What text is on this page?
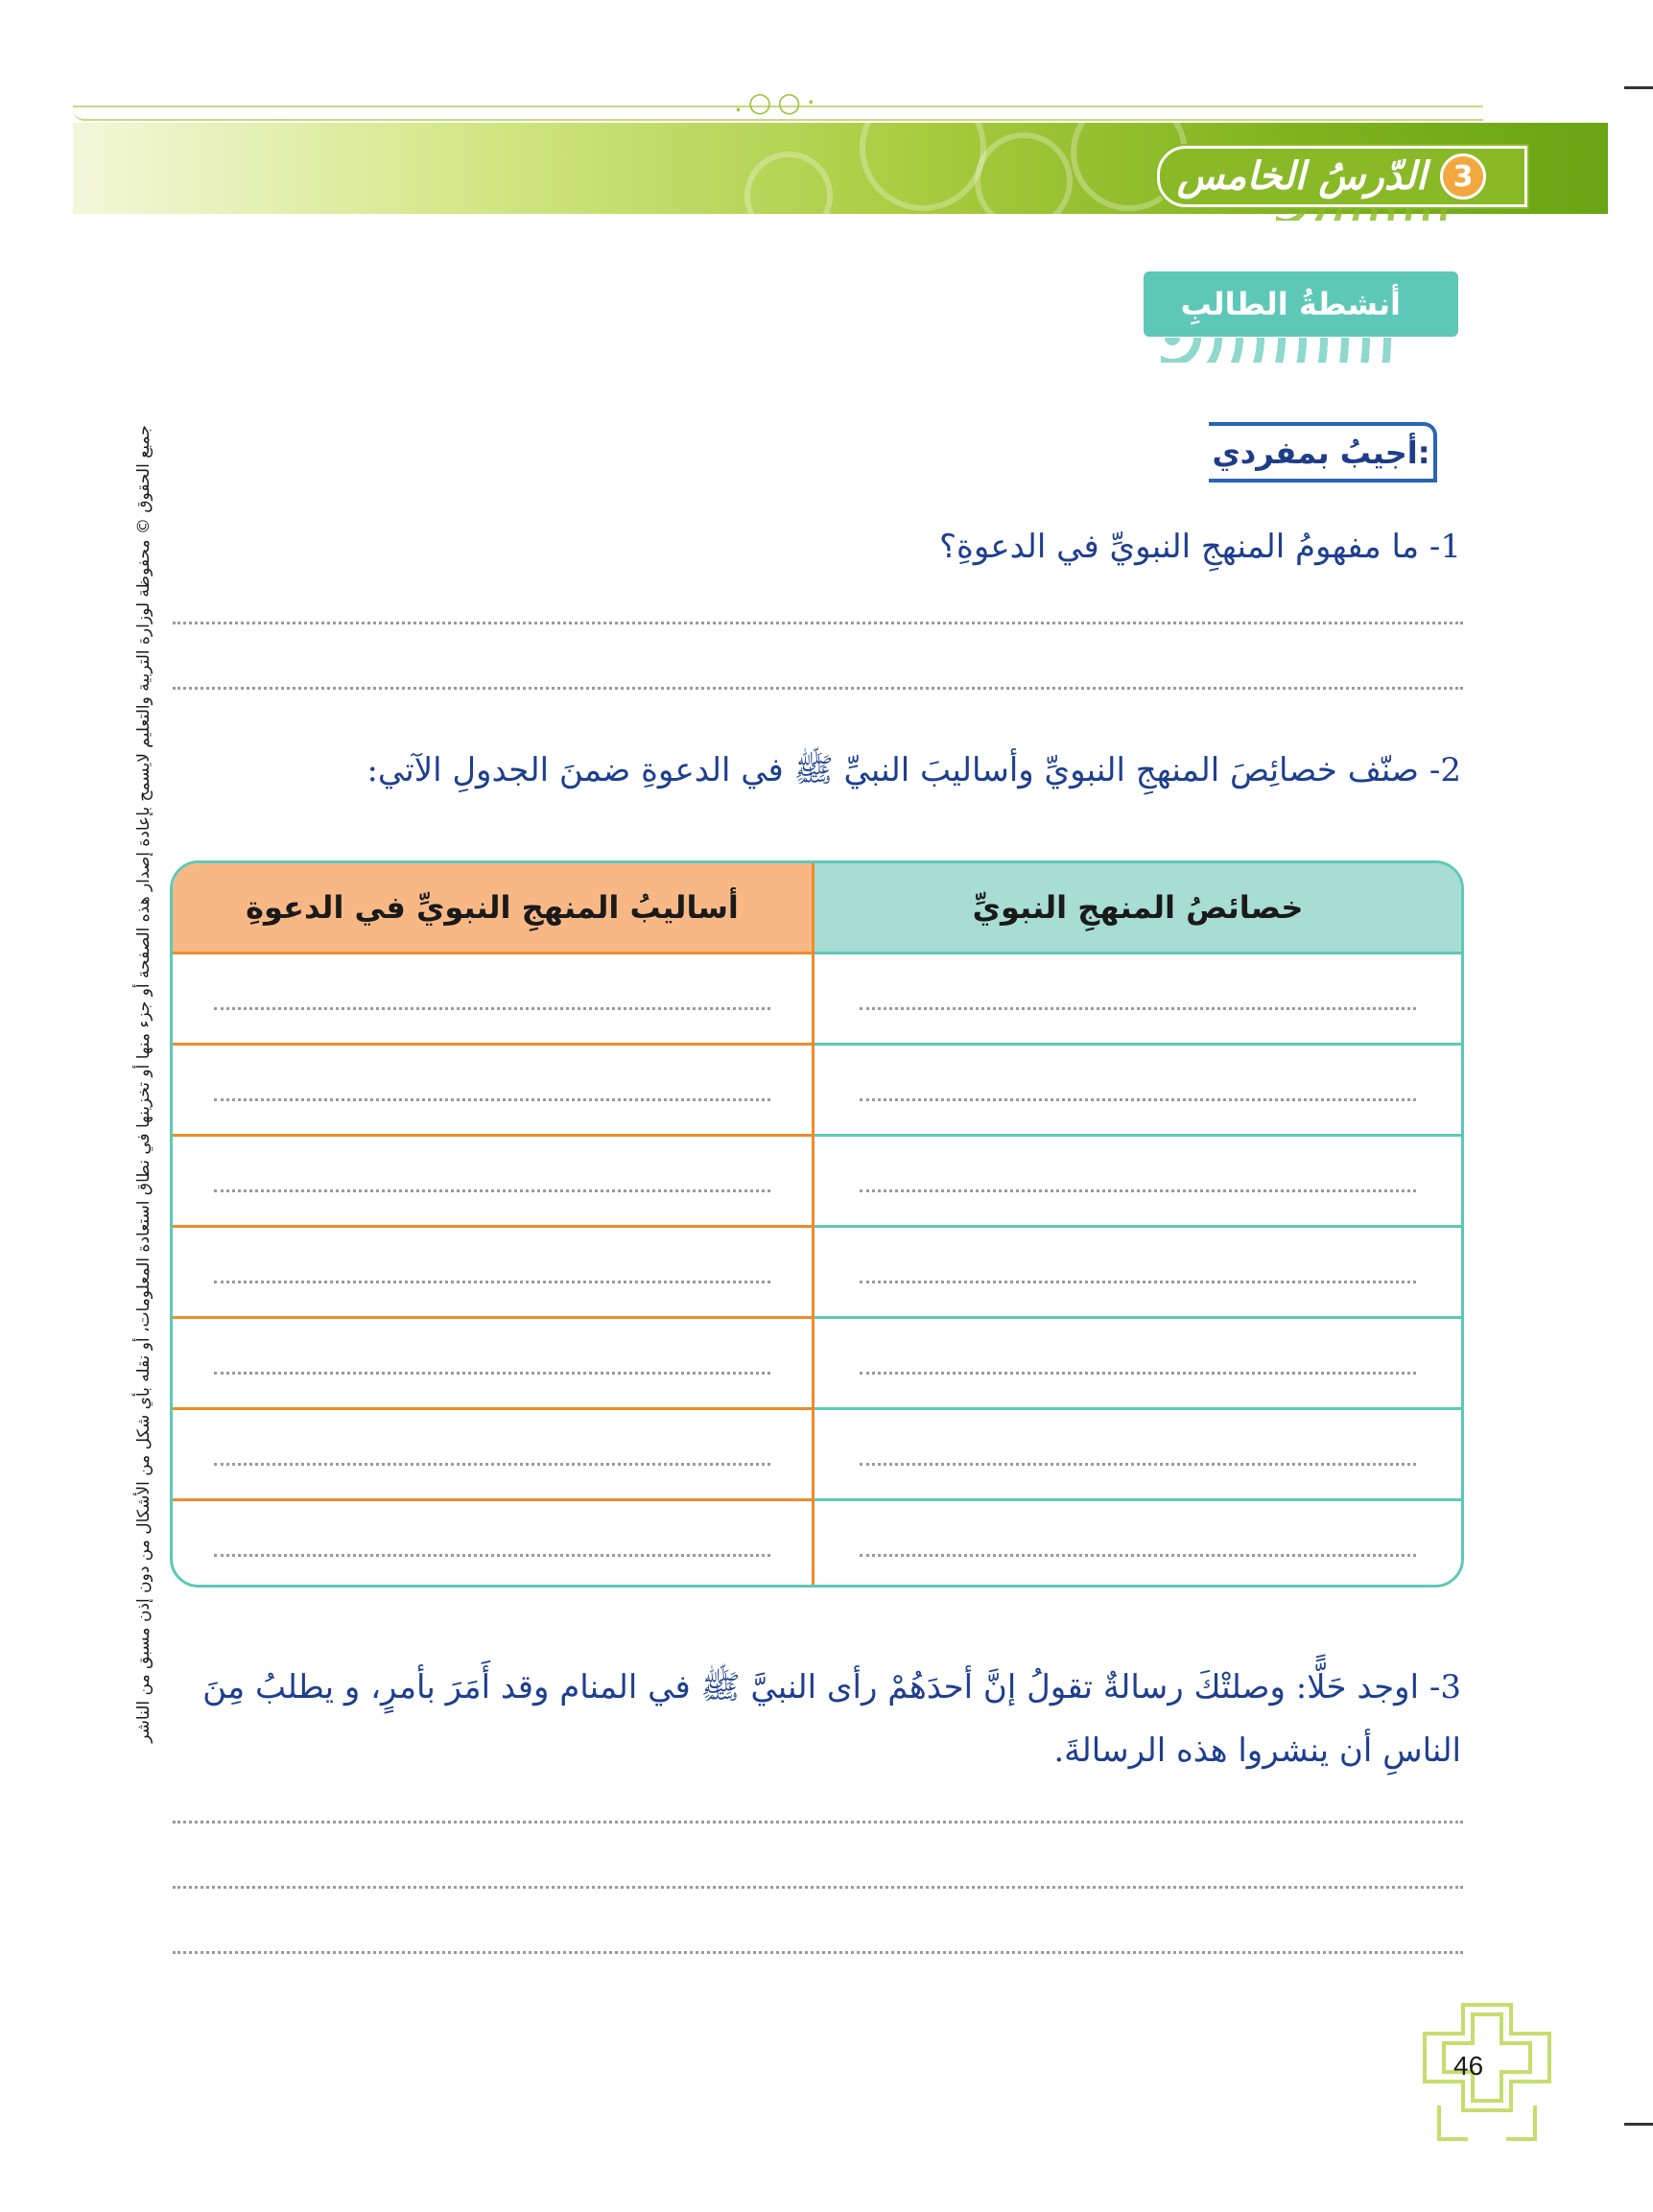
.○○·
الدّرسُ الخامس 3
أنشطةُ الطالبِ
أجيبُ بمفردي:
1- ما مفهومُ المنهجِ النبويِّ في الدعوةِ؟
2- صنّف خصائِصَ المنهجِ النبويِّ وأساليبَ النبيِّ ﷺ في الدعوةِ ضمنَ الجدولِ الآتي:
خصائصُ المنهجِ النبويِّ
أساليبُ المنهجِ النبويِّ في الدعوةِ
3- اوجد حَلًّا: وصلتْكَ رسالةٌ تقولُ إنَّ أحدَهُمْ رأى النبيَّ ﷺ في المنام وقد أَمَرَ بأمرٍ، و يطلبُ مِنَ
الناسِ أن ينشروا هذه الرسالةَ.
جميع الحقوق © محفوظة لوزارة التربية والتعليم لايسمح بإعادة إصدار هذه الصفحة أو جزء منها أو تخزينها في نطاق استعادة المعلومات، أو نقله بأي شكل من الأشكال من دون إذن مسبق من الناشر
46
